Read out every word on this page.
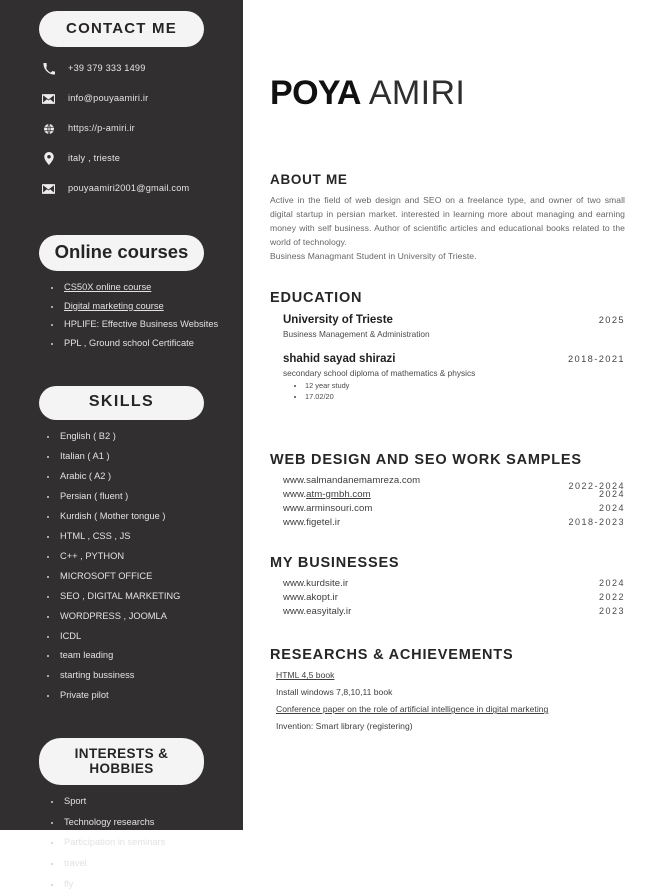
CONTACT ME
+39 379 333 1499
info@pouyaamiri.ir
https://p-amiri.ir
italy , trieste
pouyaamiri2001@gmail.com
Online courses
• CS50X online course
• Digital marketing course
• HPLIFE: Effective Business Websites
• PPL , Ground school Certificate
SKILLS
• English ( B2 )
• Italian ( A1 )
• Arabic ( A2 )
• Persian ( fluent )
• Kurdish ( Mother tongue )
• HTML , CSS , JS
• C++ , PYTHON
• MICROSOFT OFFICE
• SEO , DIGITAL MARKETING
• WORDPRESS , JOOMLA
• ICDL
• team leading
• starting bussiness
• Private pilot
INTERESTS & HOBBIES
• Sport
• Technology researchs
• Participation in seminars
• travel
• fly
POYA AMIRI
ABOUT ME

Active in the field of web design and SEO on a freelance type, and owner of two small digital startup in persian market. interested in learning more about managing and earning money with self business. Author of scientific articles and educational books related to the world of technology.
Business Managmant Student in University of Trieste.

EDUCATION
University of Trieste	2025
Business Management & Administration
shahid sayad shirazi	2018-2021
secondary school diploma of mathematics & physics
• 12 year study
• 17.02/20
WEB DESIGN AND SEO WORK SAMPLES
www.salmandanemamreza.com	2022-2024
www.atm-gmbh.com	2024
www.arminsouri.com	2024
www.figetel.ir	2018-2023
MY BUSINESSES
www.kurdsite.ir	2024
www.akopt.ir	2022
www.easyitaly.ir	2023
RESEARCHS & ACHIEVEMENTS
HTML 4,5 book
Install windows 7,8,10,11 book
Conference paper on the role of artificial intelligence in digital marketing
Invention: Smart library (registering)
